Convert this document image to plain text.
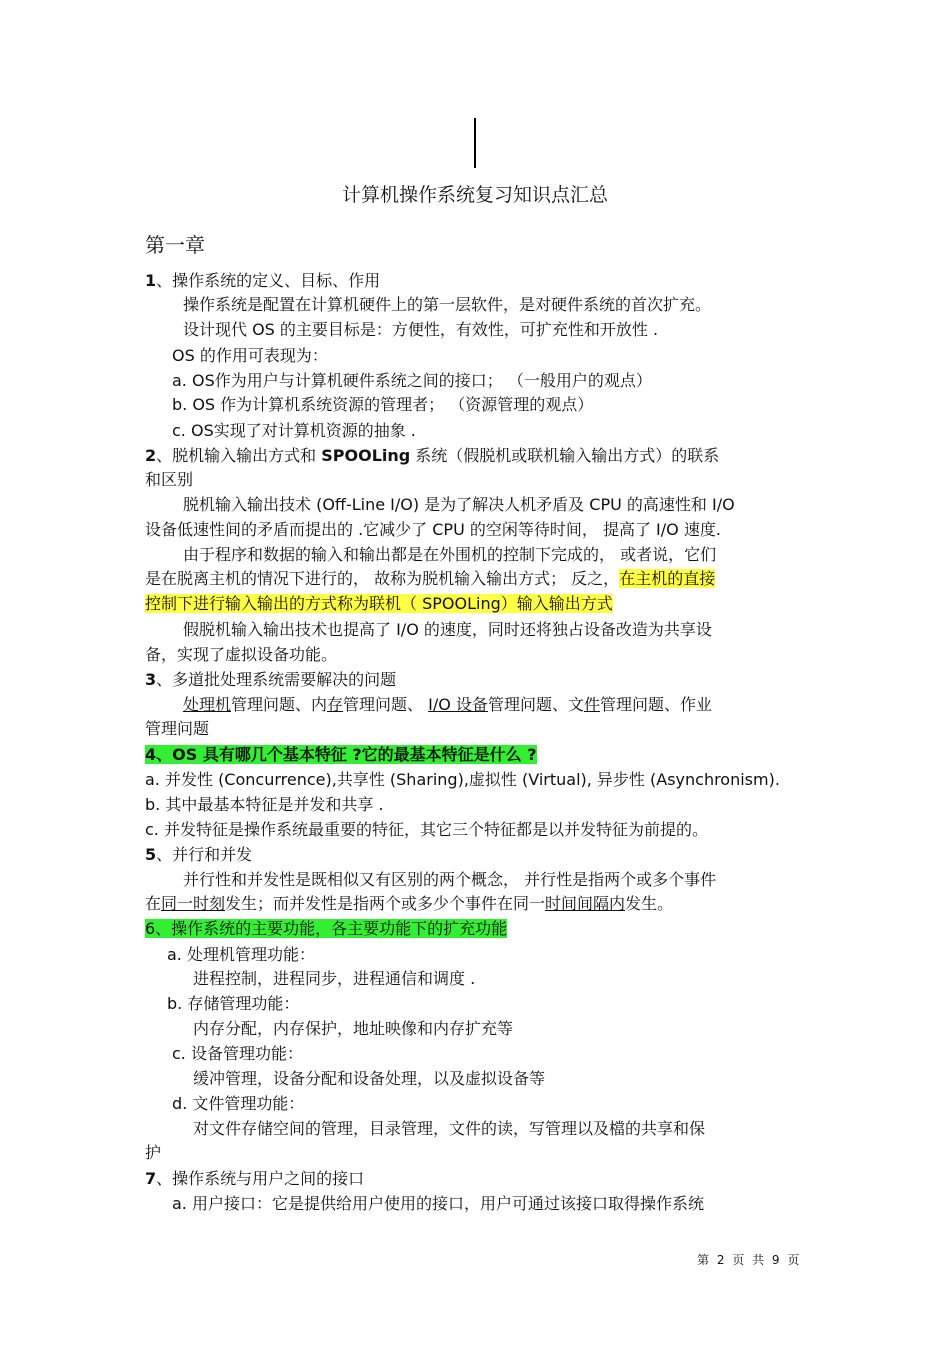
计算机操作系统复习知识点汇总
第一章
1、操作系统的定义、目标、作用
操作系统是配置在计算机硬件上的第一层软件，是对硬件系统的首次扩充。
设计现代 OS 的主要目标是：方便性，有效性，可扩充性和开放性 .
OS 的作用可表现为：
a. OS作为用户与计算机硬件系统之间的接口； （一般用户的观点）
b. OS 作为计算机系统资源的管理者； （资源管理的观点）
c. OS实现了对计算机资源的抽象 .
2、脱机输入输出方式和 SPOOLing 系统（假脱机或联机输入输出方式）的联系
和区别
脱机输入输出技术 (Off-Line I/O) 是为了解决人机矛盾及 CPU 的高速性和 I/O
设备低速性间的矛盾而提出的 .它减少了 CPU 的空闲等待时间， 提高了 I/O 速度.
由于程序和数据的输入和输出都是在外围机的控制下完成的， 或者说，它们
是在脱离主机的情况下进行的， 故称为脱机输入输出方式； 反之，在主机的直接
控制下进行输入输出的方式称为联机（ SPOOLing）输入输出方式
假脱机输入输出技术也提高了 I/O 的速度，同时还将独占设备改造为共享设
备，实现了虚拟设备功能。
3、多道批处理系统需要解决的问题
处理机管理问题、内存管理问题、 I/O 设备管理问题、文件管理问题、作业
管理问题
4、OS 具有哪几个基本特征 ?它的最基本特征是什么 ?
a. 并发性 (Concurrence),共享性 (Sharing),虚拟性 (Virtual), 异步性 (Asynchronism).
b. 其中最基本特征是并发和共享 .
c. 并发特征是操作系统最重要的特征，其它三个特征都是以并发特征为前提的。
5、并行和并发
并行性和并发性是既相似又有区别的两个概念， 并行性是指两个或多个事件
在同一时刻发生；而并发性是指两个或多少个事件在同一时间间隔内发生。
6、操作系统的主要功能，各主要功能下的扩充功能
a. 处理机管理功能：
进程控制，进程同步，进程通信和调度 .
b. 存储管理功能：
内存分配，内存保护，地址映像和内存扩充等
c. 设备管理功能：
缓冲管理，设备分配和设备处理，以及虚拟设备等
d. 文件管理功能：
对文件存储空间的管理，目录管理，文件的读，写管理以及檔的共享和保
护
7、操作系统与用户之间的接口
a. 用户接口：它是提供给用户使用的接口，用户可通过该接口取得操作系统
第 2 页 共 9 页
